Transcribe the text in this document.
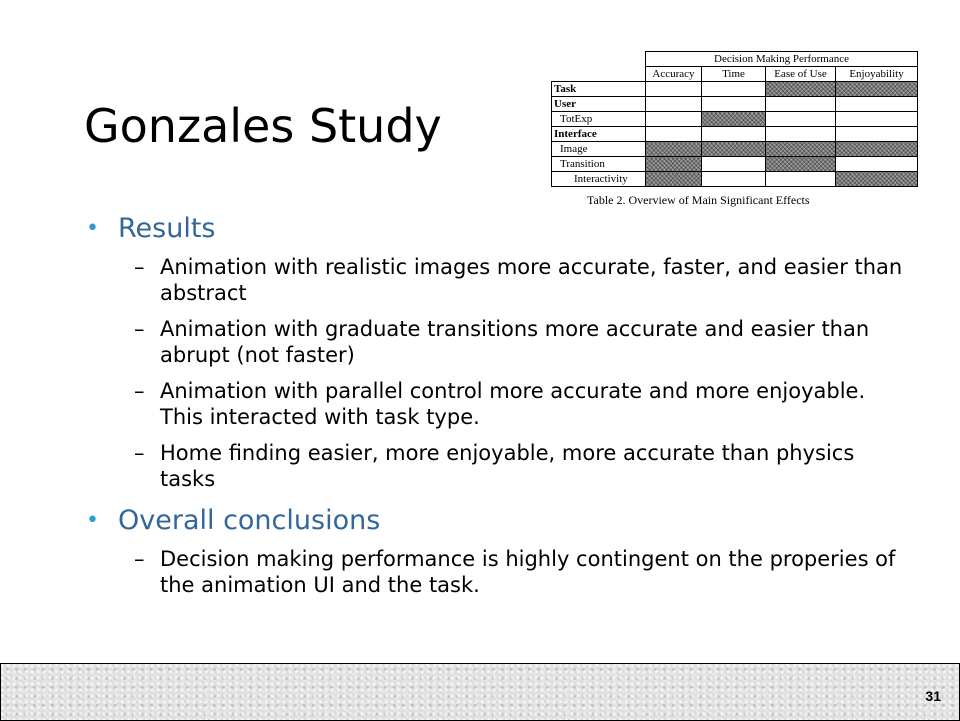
Gonzales Study
	Decision Making Performance			
	Accuracy	Time	Ease of Use	Enjoyability
Task				
User				
TotExp				
Interface				
Image				
Transition				
Interactivity				
Table 2. Overview of Main Significant Effects
• Results
– Animation with realistic images more accurate, faster, and easier than abstract
– Animation with graduate transitions more accurate and easier than abrupt (not faster)
– Animation with parallel control more accurate and more enjoyable. This interacted with task type.
– Home finding easier, more enjoyable, more accurate than physics tasks
• Overall conclusions
– Decision making performance is highly contingent on the properies of the animation UI and the task.
31
